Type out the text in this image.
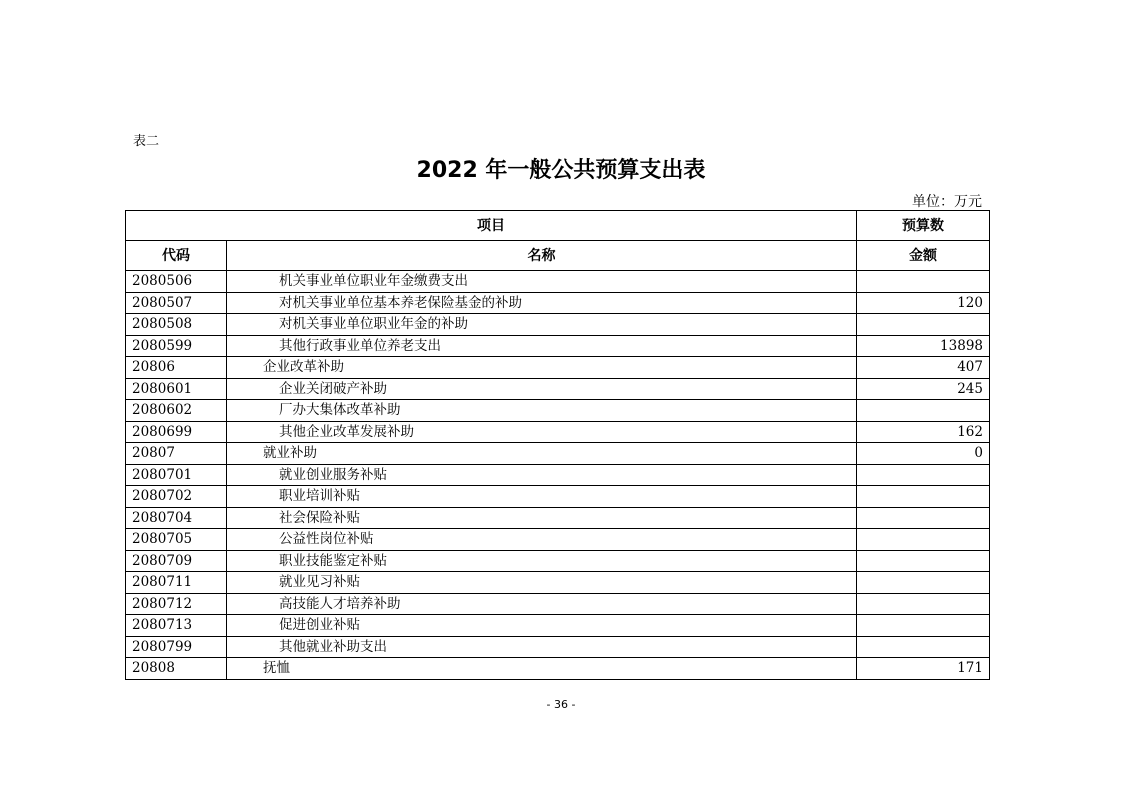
表二
2022 年一般公共预算支出表
单位：万元
项目		预算数
代码	名称	金额
2080506	机关事业单位职业年金缴费支出	
2080507	对机关事业单位基本养老保险基金的补助	120
2080508	对机关事业单位职业年金的补助	
2080599	其他行政事业单位养老支出	13898
20806	企业改革补助	407
2080601	企业关闭破产补助	245
2080602	厂办大集体改革补助	
2080699	其他企业改革发展补助	162
20807	就业补助	0
2080701	就业创业服务补贴	
2080702	职业培训补贴	
2080704	社会保险补贴	
2080705	公益性岗位补贴	
2080709	职业技能鉴定补贴	
2080711	就业见习补贴	
2080712	高技能人才培养补助	
2080713	促进创业补贴	
2080799	其他就业补助支出	
20808	抚恤	171
- 36 -
